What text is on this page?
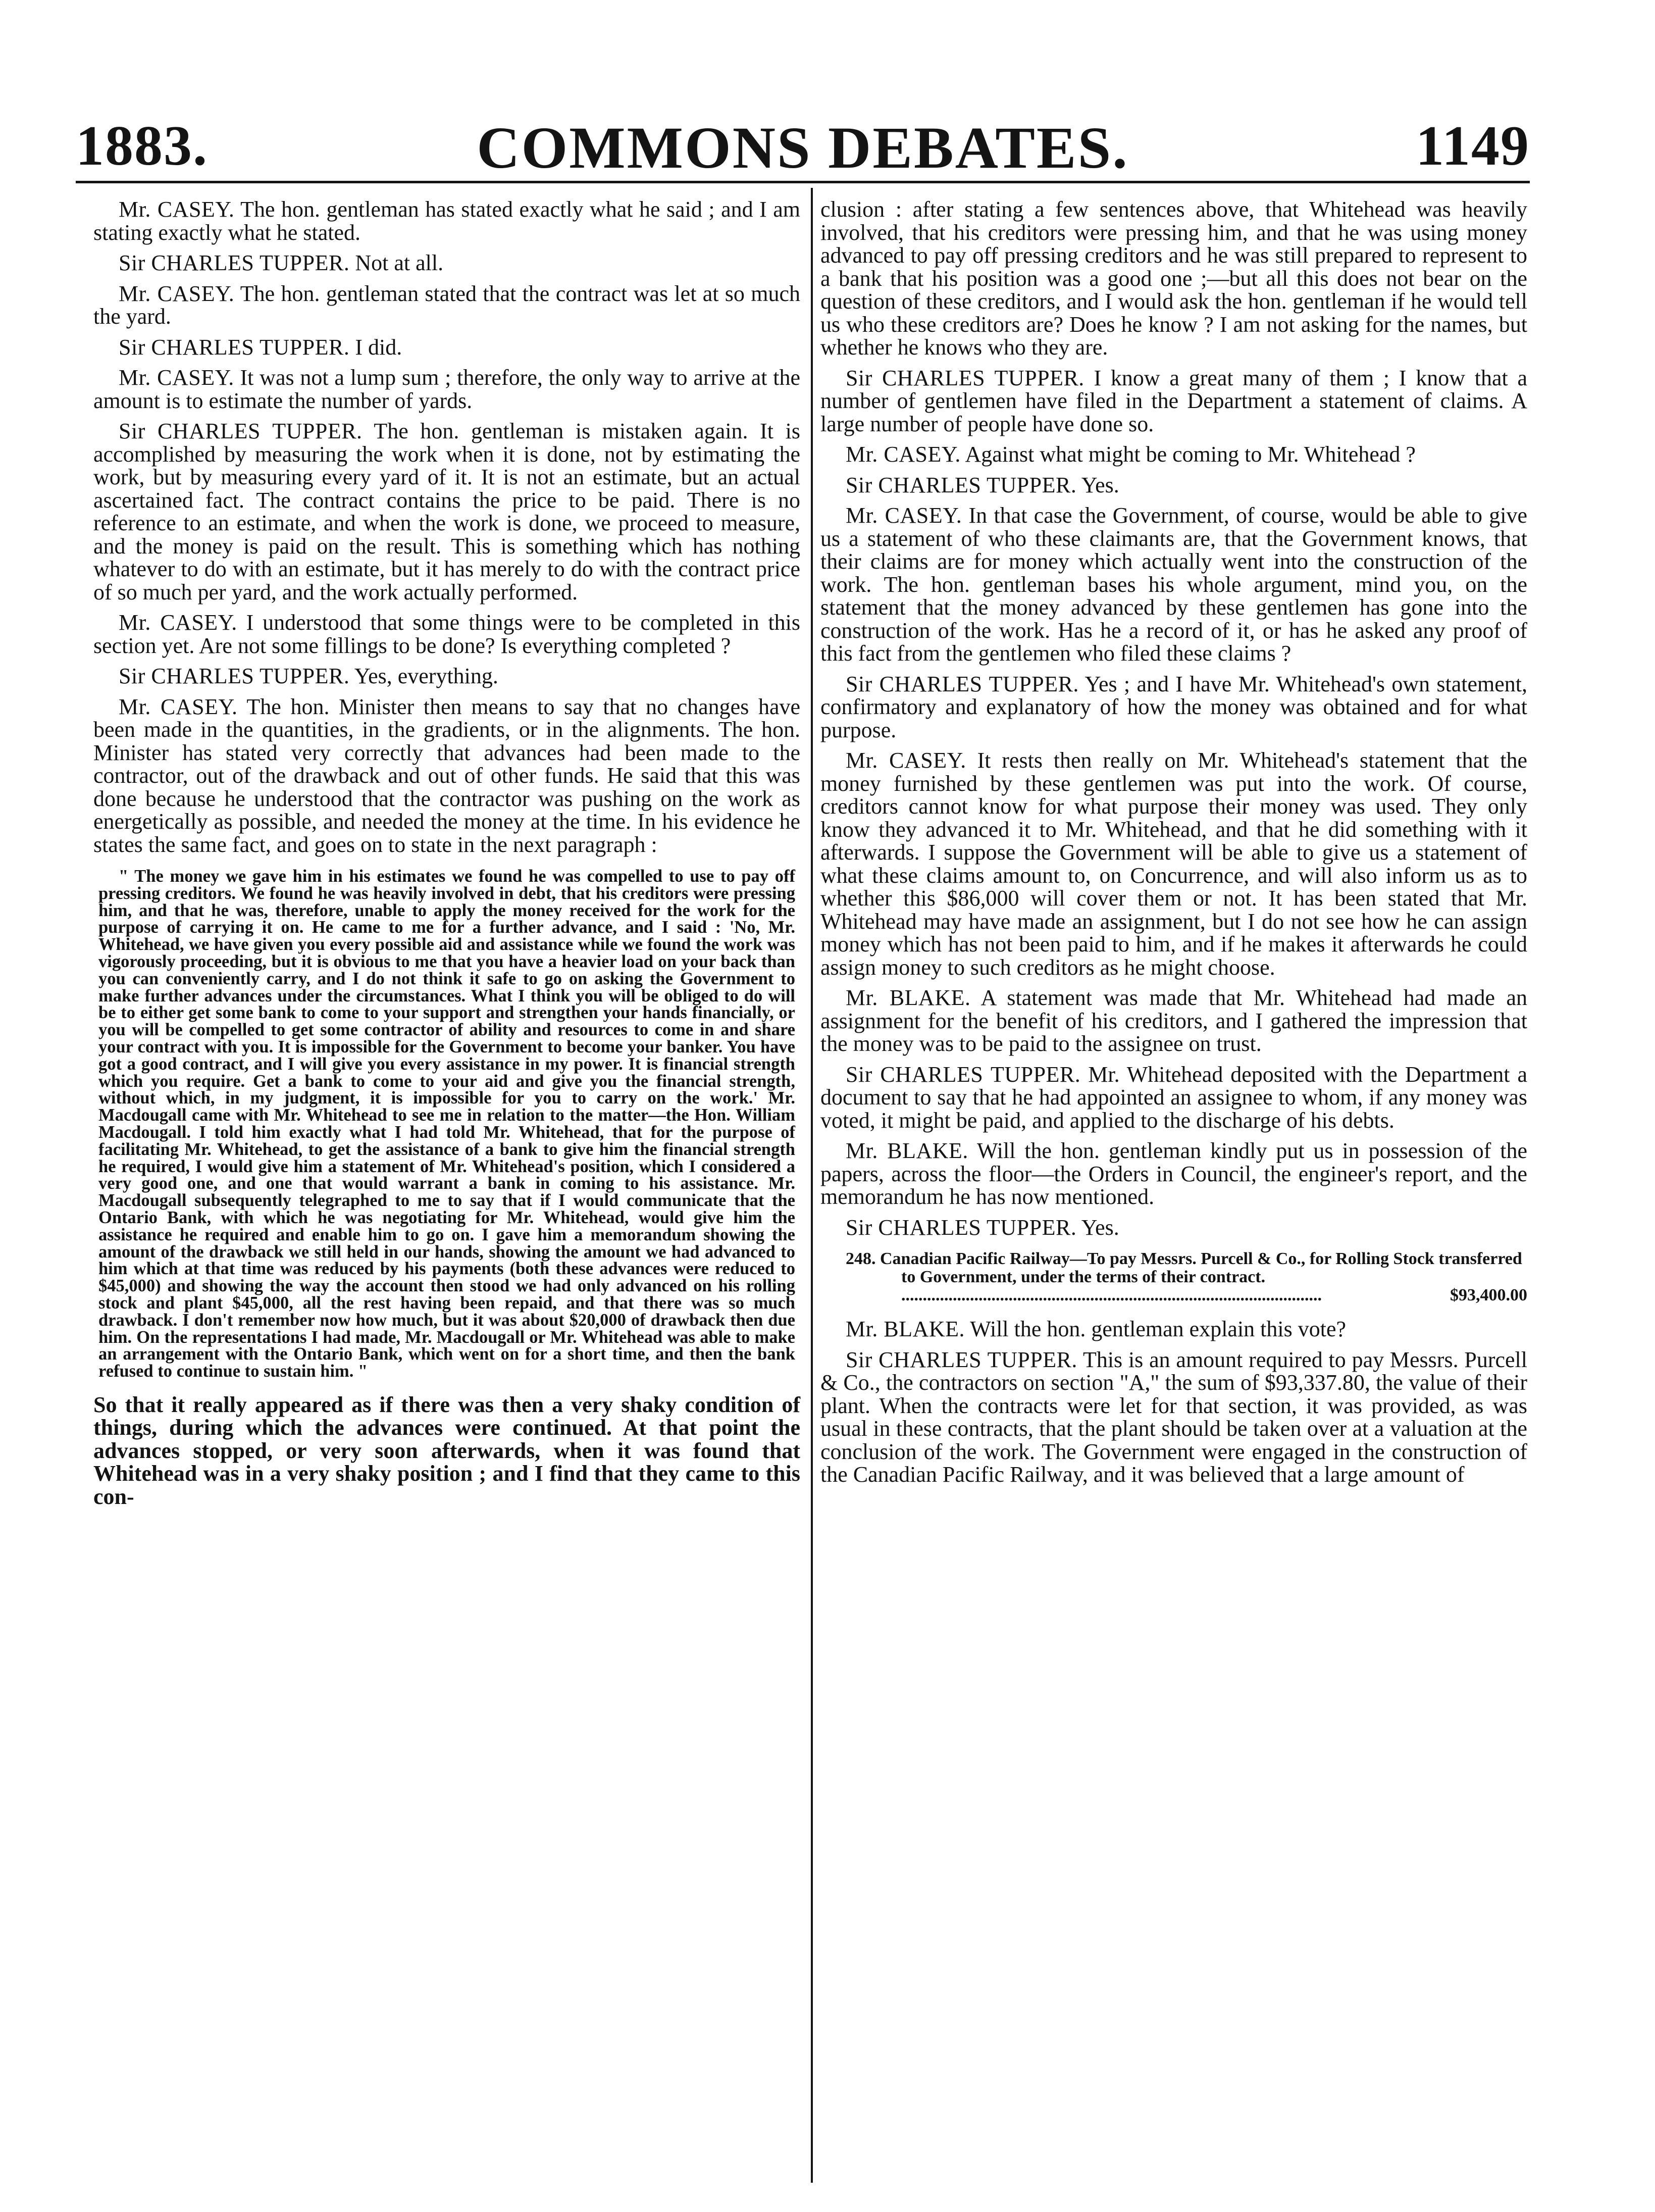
1883.	COMMONS DEBATES.	1149

Mr. CASEY. The hon. gentleman has stated exactly what he said ; and I am stating exactly what he stated.

Sir CHARLES TUPPER. Not at all.

Mr. CASEY. The hon. gentleman stated that the contract was let at so much the yard.

Sir CHARLES TUPPER. I did.

Mr. CASEY. It was not a lump sum ; therefore, the only way to arrive at the amount is to estimate the number of yards.

Sir CHARLES TUPPER. The hon. gentleman is mistaken again. It is accomplished by measuring the work when it is done, not by estimating the work, but by measuring every yard of it. It is not an estimate, but an actual ascertained fact. The contract contains the price to be paid. There is no reference to an estimate, and when the work is done, we proceed to measure, and the money is paid on the result. This is something which has nothing whatever to do with an estimate, but it has merely to do with the contract price of so much per yard, and the work actually performed.

Mr. CASEY. I understood that some things were to be completed in this section yet. Are not some fillings to be done? Is everything completed ?

Sir CHARLES TUPPER. Yes, everything.

Mr. CASEY. The hon. Minister then means to say that no changes have been made in the quantities, in the gradients, or in the alignments. The hon. Minister has stated very correctly that advances had been made to the contractor, out of the drawback and out of other funds. He said that this was done because he understood that the contractor was pushing on the work as energetically as possible, and needed the money at the time. In his evidence he states the same fact, and goes on to state in the next paragraph :

" The money we gave him in his estimates we found he was compelled to use to pay off pressing creditors. We found he was heavily involved in debt, that his creditors were pressing him, and that he was, therefore, unable to apply the money received for the work for the purpose of carrying it on. He came to me for a further advance, and I said : 'No, Mr. Whitehead, we have given you every possible aid and assistance while we found the work was vigorously proceeding, but it is obvious to me that you have a heavier load on your back than you can conveniently carry, and I do not think it safe to go on asking the Government to make further advances under the circumstances. What I think you will be obliged to do will be to either get some bank to come to your support and strengthen your hands financially, or you will be compelled to get some contractor of ability and resources to come in and share your contract with you. It is impossible for the Government to become your banker. You have got a good contract, and I will give you every assistance in my power. It is financial strength which you require. Get a bank to come to your aid and give you the financial strength, without which, in my judgment, it is impossible for you to carry on the work.' Mr. Macdougall came with Mr. Whitehead to see me in relation to the matter—the Hon. William Macdougall. I told him exactly what I had told Mr. Whitehead, that for the purpose of facilitating Mr. Whitehead, to get the assistance of a bank to give him the financial strength he required, I would give him a statement of Mr. Whitehead's position, which I considered a very good one, and one that would warrant a bank in coming to his assistance. Mr. Macdougall subsequently telegraphed to me to say that if I would communicate that the Ontario Bank, with which he was negotiating for Mr. Whitehead, would give him the assistance he required and enable him to go on. I gave him a memorandum showing the amount of the drawback we still held in our hands, showing the amount we had advanced to him which at that time was reduced by his payments (both these advances were reduced to $45,000) and showing the way the account then stood we had only advanced on his rolling stock and plant $45,000, all the rest having been repaid, and that there was so much drawback. I don't remember now how much, but it was about $20,000 of drawback then due him. On the representations I had made, Mr. Macdougall or Mr. Whitehead was able to make an arrangement with the Ontario Bank, which went on for a short time, and then the bank refused to continue to sustain him. "

So that it really appeared as if there was then a very shaky condition of things, during which the advances were continued. At that point the advances stopped, or very soon afterwards, when it was found that Whitehead was in a very shaky position ; and I find that they came to this con-

clusion : after stating a few sentences above, that Whitehead was heavily involved, that his creditors were pressing him, and that he was using money advanced to pay off pressing creditors and he was still prepared to represent to a bank that his position was a good one ;—but all this does not bear on the question of these creditors, and I would ask the hon. gentleman if he would tell us who these creditors are? Does he know ? I am not asking for the names, but whether he knows who they are.

Sir CHARLES TUPPER. I know a great many of them ; I know that a number of gentlemen have filed in the Department a statement of claims. A large number of people have done so.

Mr. CASEY. Against what might be coming to Mr. Whitehead ?

Sir CHARLES TUPPER. Yes.

Mr. CASEY. In that case the Government, of course, would be able to give us a statement of who these claimants are, that the Government knows, that their claims are for money which actually went into the construction of the work. The hon. gentleman bases his whole argument, mind you, on the statement that the money advanced by these gentlemen has gone into the construction of the work. Has he a record of it, or has he asked any proof of this fact from the gentlemen who filed these claims ?

Sir CHARLES TUPPER. Yes ; and I have Mr. Whitehead's own statement, confirmatory and explanatory of how the money was obtained and for what purpose.

Mr. CASEY. It rests then really on Mr. Whitehead's statement that the money furnished by these gentlemen was put into the work. Of course, creditors cannot know for what purpose their money was used. They only know they advanced it to Mr. Whitehead, and that he did something with it afterwards. I suppose the Government will be able to give us a statement of what these claims amount to, on Concurrence, and will also inform us as to whether this $86,000 will cover them or not. It has been stated that Mr. Whitehead may have made an assignment, but I do not see how he can assign money which has not been paid to him, and if he makes it afterwards he could assign money to such creditors as he might choose.

Mr. BLAKE. A statement was made that Mr. Whitehead had made an assignment for the benefit of his creditors, and I gathered the impression that the money was to be paid to the assignee on trust.

Sir CHARLES TUPPER. Mr. Whitehead deposited with the Department a document to say that he had appointed an assignee to whom, if any money was voted, it might be paid, and applied to the discharge of his debts.

Mr. BLAKE. Will the hon. gentleman kindly put us in possession of the papers, across the floor—the Orders in Council, the engineer's report, and the memorandum he has now mentioned.

Sir CHARLES TUPPER. Yes.

248. Canadian Pacific Railway—To pay Messrs. Purcell & Co., for Rolling Stock transferred to Government, under the terms of their contract.
.....
$93,400.00

Mr. BLAKE. Will the hon. gentleman explain this vote?

Sir CHARLES TUPPER. This is an amount required to pay Messrs. Purcell & Co., the contractors on section "A," the sum of $93,337.80, the value of their plant. When the contracts were let for that section, it was provided, as was usual in these contracts, that the plant should be taken over at a valuation at the conclusion of the work. The Government were engaged in the construction of the Canadian Pacific Railway, and it was believed that a large amount of
